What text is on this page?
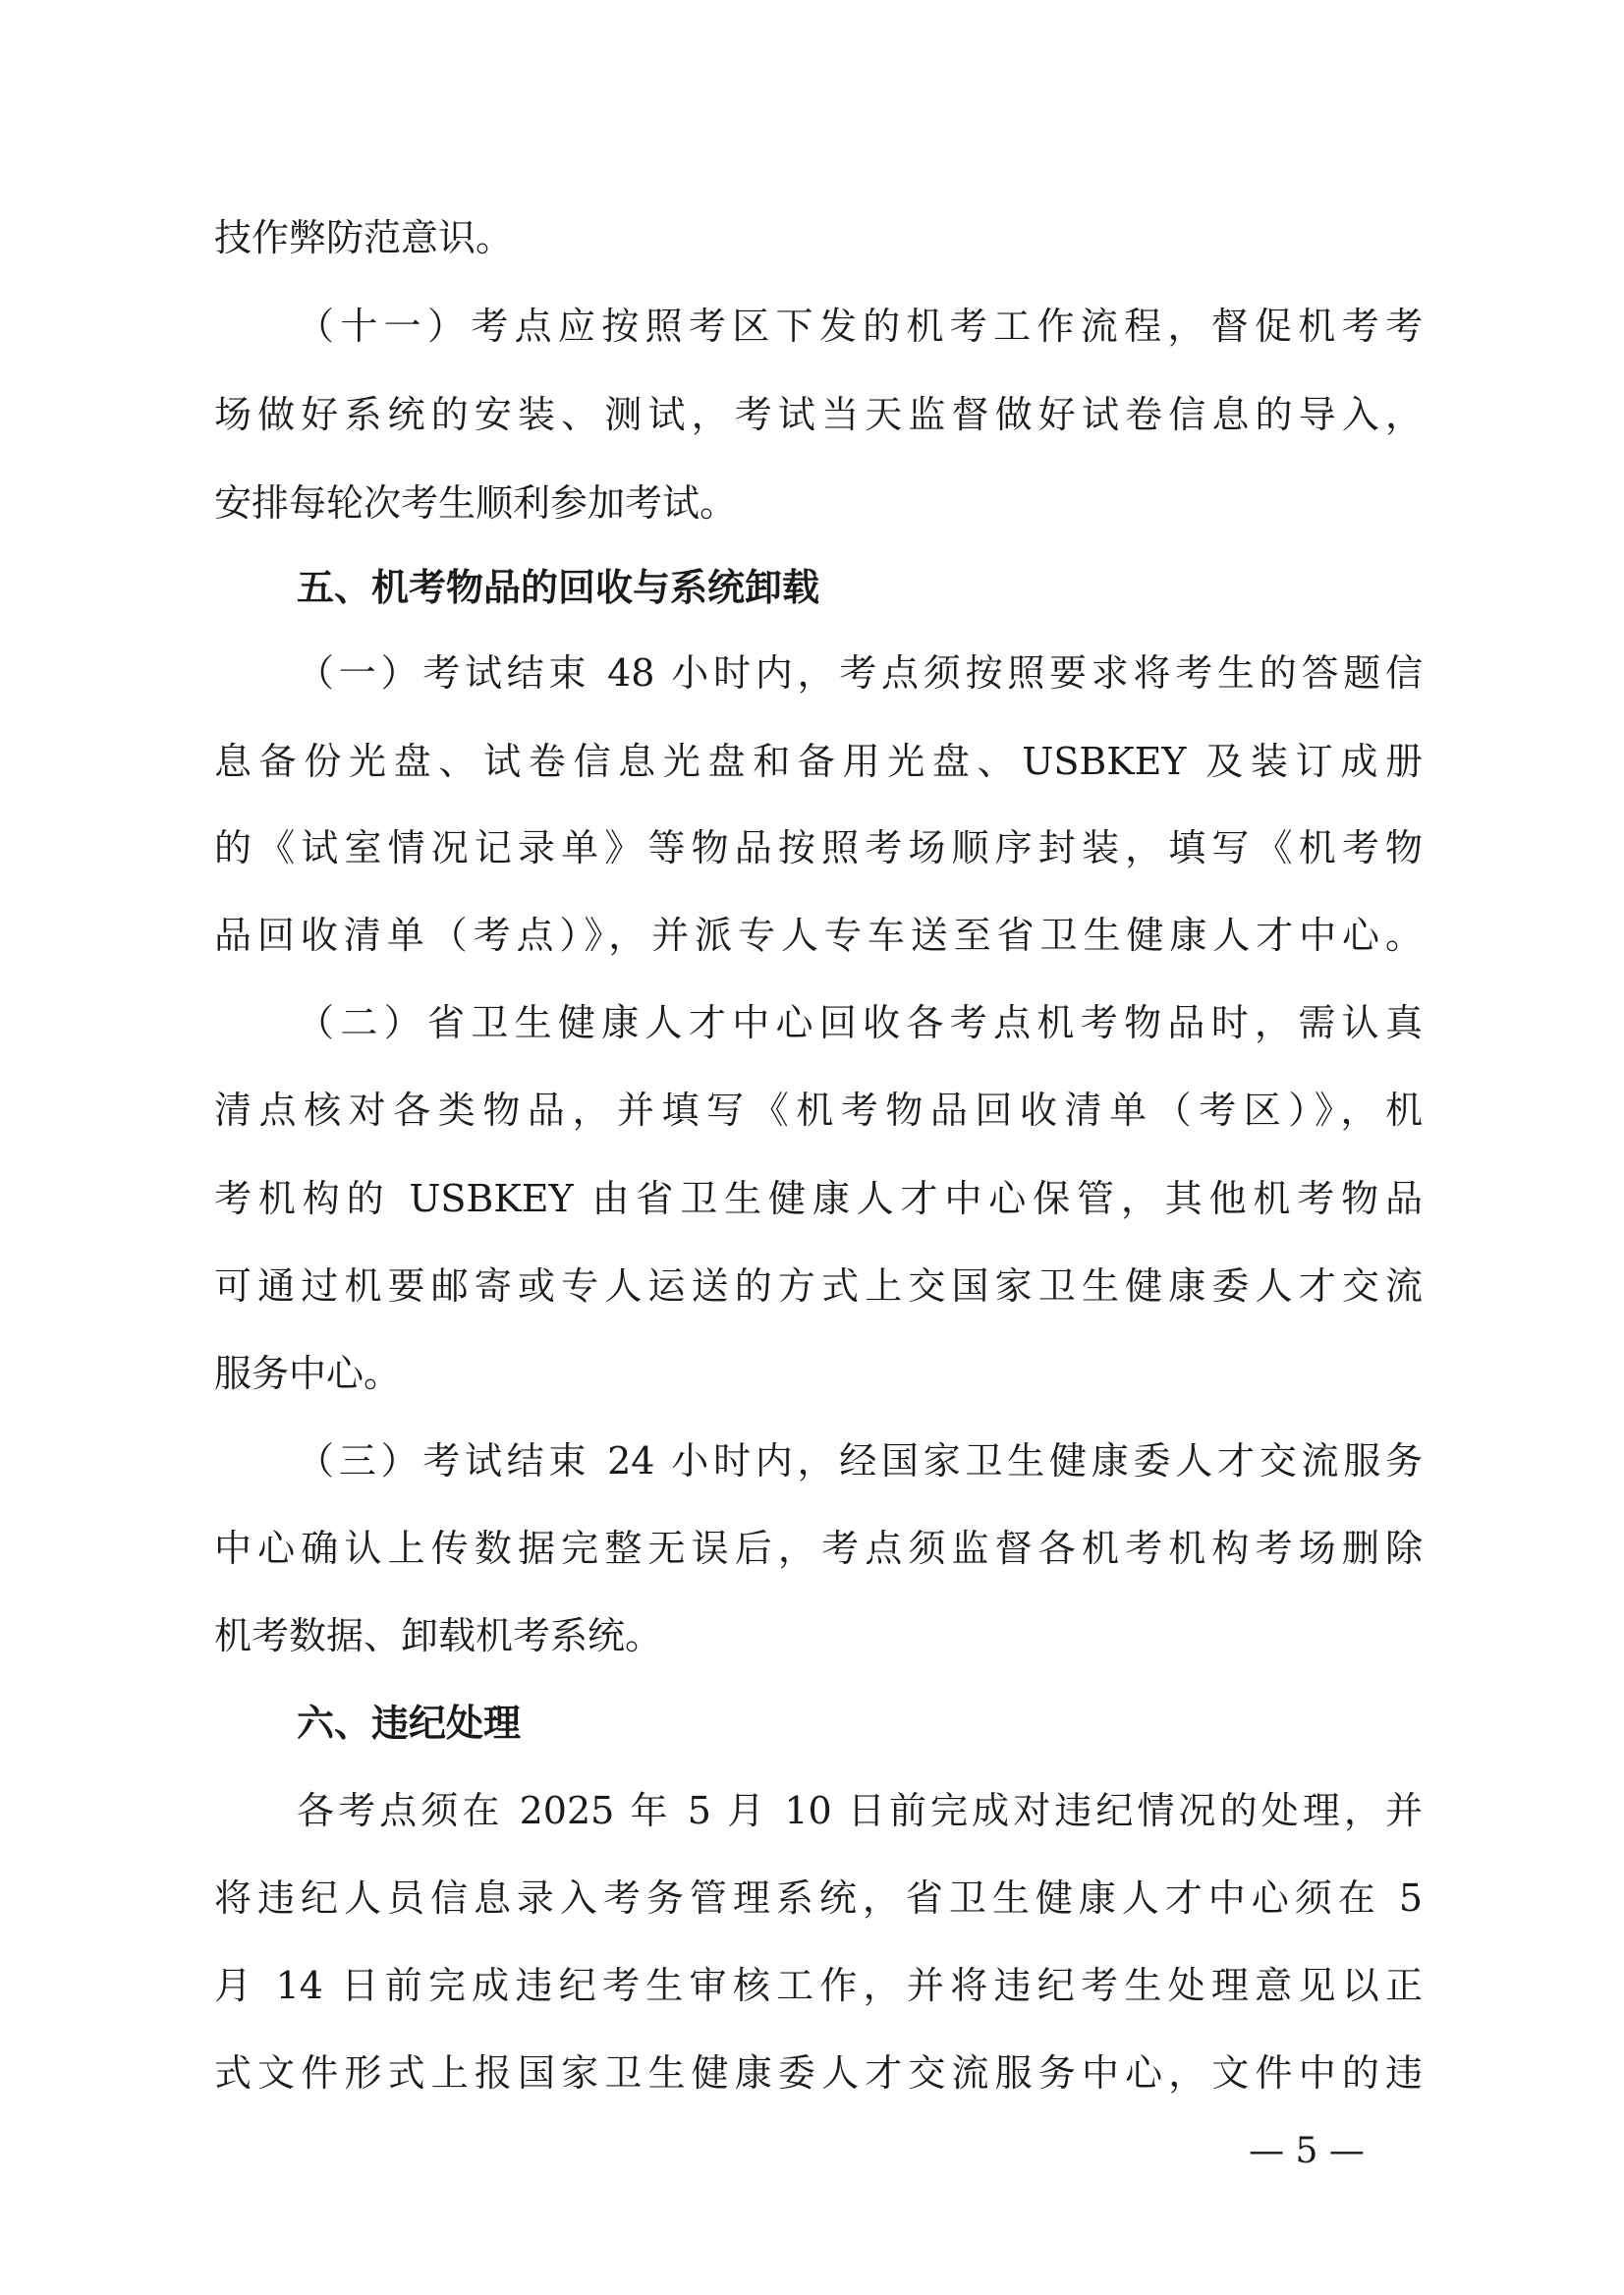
技作弊防范意识。
（十一）考点应按照考区下发的机考工作流程，督促机考考
场做好系统的安装、测试，考试当天监督做好试卷信息的导入，
安排每轮次考生顺利参加考试。
五、机考物品的回收与系统卸载
（一）考试结束 48 小时内，考点须按照要求将考生的答题信
息备份光盘、试卷信息光盘和备用光盘、USBKEY 及装订成册
的《试室情况记录单》等物品按照考场顺序封装，填写《机考物
品回收清单（考点）》，并派专人专车送至省卫生健康人才中心。
（二）省卫生健康人才中心回收各考点机考物品时，需认真
清点核对各类物品，并填写《机考物品回收清单（考区）》，机
考机构的 USBKEY 由省卫生健康人才中心保管，其他机考物品
可通过机要邮寄或专人运送的方式上交国家卫生健康委人才交流
服务中心。
（三）考试结束 24 小时内，经国家卫生健康委人才交流服务
中心确认上传数据完整无误后，考点须监督各机考机构考场删除
机考数据、卸载机考系统。
六、违纪处理
各考点须在 2025 年 5 月 10 日前完成对违纪情况的处理，并
将违纪人员信息录入考务管理系统，省卫生健康人才中心须在 5
月 14 日前完成违纪考生审核工作，并将违纪考生处理意见以正
式文件形式上报国家卫生健康委人才交流服务中心，文件中的违
— 5 —
